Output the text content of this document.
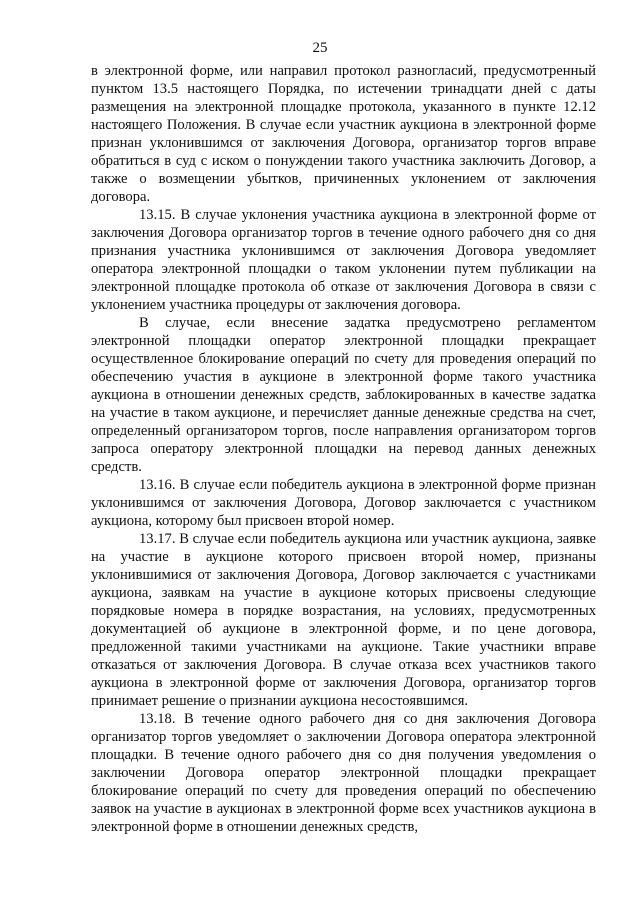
25

в электронной форме, или направил протокол разногласий, предусмотренный пунктом 13.5 настоящего Порядка, по истечении тринадцати дней с даты размещения на электронной площадке протокола, указанного в пункте 12.12 настоящего Положения. В случае если участник аукциона в электронной форме признан уклонившимся от заключения Договора, организатор торгов вправе обратиться в суд с иском о понуждении такого участника заключить Договор, а также о возмещении убытков, причиненных уклонением от заключения договора.

13.15. В случае уклонения участника аукциона в электронной форме от заключения Договора организатор торгов в течение одного рабочего дня со дня признания участника уклонившимся от заключения Договора уведомляет оператора электронной площадки о таком уклонении путем публикации на электронной площадке протокола об отказе от заключения Договора в связи с уклонением участника процедуры от заключения договора.

В случае, если внесение задатка предусмотрено регламентом электронной площадки оператор электронной площадки прекращает осуществленное блокирование операций по счету для проведения операций по обеспечению участия в аукционе в электронной форме такого участника аукциона в отношении денежных средств, заблокированных в качестве задатка на участие в таком аукционе, и перечисляет данные денежные средства на счет, определенный организатором торгов, после направления организатором торгов запроса оператору электронной площадки на перевод данных денежных средств.

13.16. В случае если победитель аукциона в электронной форме признан уклонившимся от заключения Договора, Договор заключается с участником аукциона, которому был присвоен второй номер.

13.17. В случае если победитель аукциона или участник аукциона, заявке на участие в аукционе которого присвоен второй номер, признаны уклонившимися от заключения Договора, Договор заключается с участниками аукциона, заявкам на участие в аукционе которых присвоены следующие порядковые номера в порядке возрастания, на условиях, предусмотренных документацией об аукционе в электронной форме, и по цене договора, предложенной такими участниками на аукционе. Такие участники вправе отказаться от заключения Договора. В случае отказа всех участников такого аукциона в электронной форме от заключения Договора, организатор торгов принимает решение о признании аукциона несостоявшимся.

13.18. В течение одного рабочего дня со дня заключения Договора организатор торгов уведомляет о заключении Договора оператора электронной площадки. В течение одного рабочего дня со дня получения уведомления о заключении Договора оператор электронной площадки прекращает блокирование операций по счету для проведения операций по обеспечению заявок на участие в аукционах в электронной форме всех участников аукциона в электронной форме в отношении денежных средств,
